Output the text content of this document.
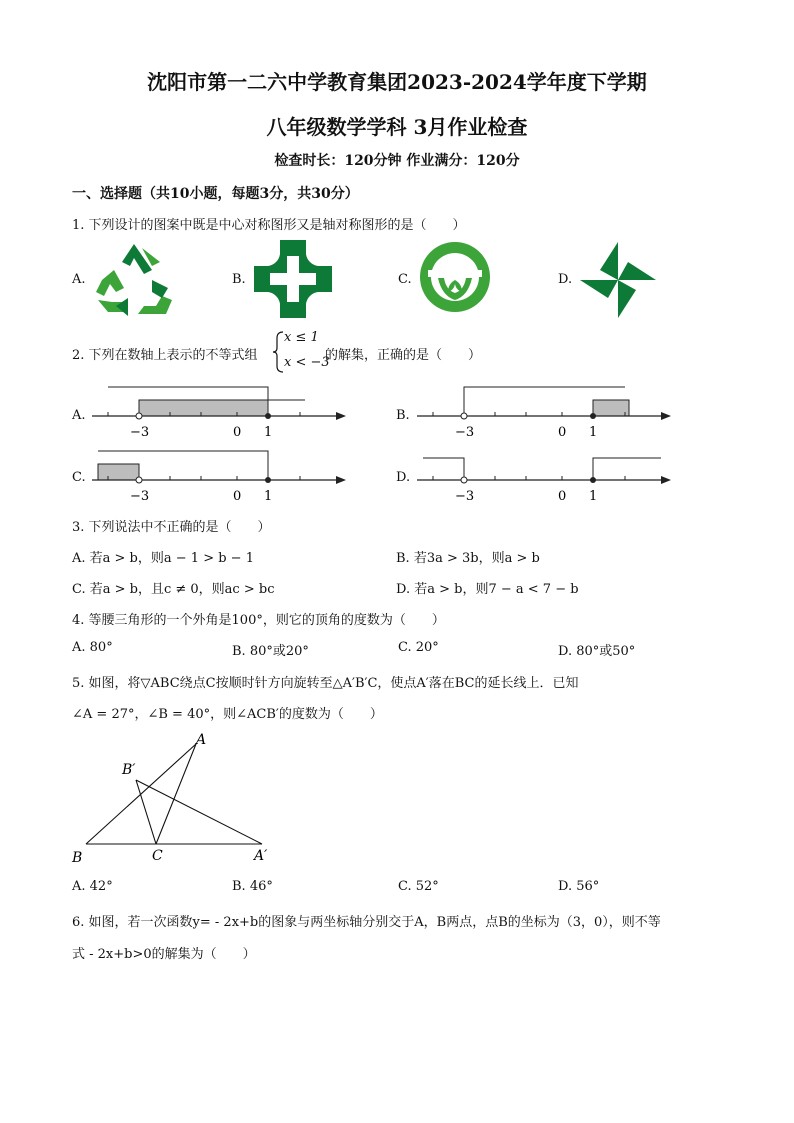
沈阳市第一二六中学教育集团2023-2024学年度下学期
八年级数学学科 3月作业检查
检查时长：120分钟 作业满分：120分
一、选择题（共10小题，每题3分，共30分）
1. 下列设计的图案中既是中心对称图形又是轴对称图形的是（　　）
A.	B.	C.	D.
2. 下列在数轴上表示的不等式组
x ≤ 1
x < −3
的解集，正确的是（　　）
A.	B.
C.	D.
−3	0 1	−3	0 1
−3	0 1	−3	0 1
3. 下列说法中不正确的是（　　）
A. 若a > b，则a − 1 > b − 1	B. 若3a > 3b，则a > b
C. 若a > b，且c ≠ 0，则ac > bc	D. 若a > b，则7 − a < 7 − b
4. 等腰三角形的一个外角是100°，则它的顶角的度数为（　　）
A. 80°	B. 80°或20°	C. 20°	D. 80°或50°
5. 如图，将▽ABC绕点C按顺时针方向旋转至△A′B′C，使点A′落在BC的延长线上．已知
∠A = 27°，∠B = 40°，则∠ACB′的度数为（　　）
A
B	C	A′
B′
A. 42°	B. 46°	C. 52°	D. 56°
6. 如图，若一次函数y= - 2x+b的图象与两坐标轴分别交于A，B两点，点B的坐标为（3，0），则不等
式 - 2x+b>0的解集为（　　）
